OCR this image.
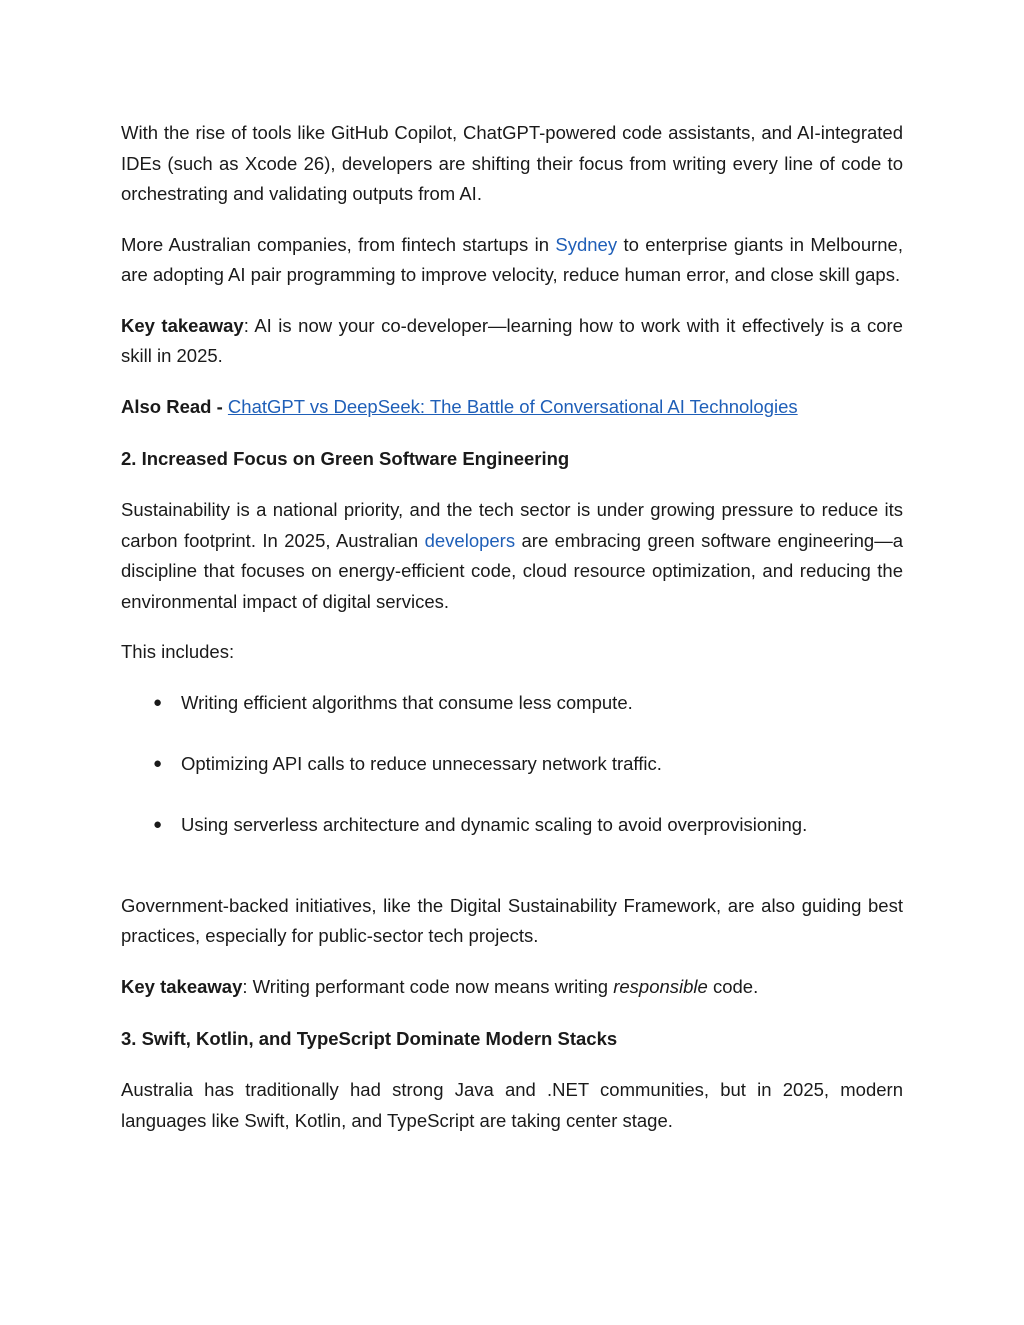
With the rise of tools like GitHub Copilot, ChatGPT-powered code assistants, and AI-integrated IDEs (such as Xcode 26), developers are shifting their focus from writing every line of code to orchestrating and validating outputs from AI.

More Australian companies, from fintech startups in Sydney to enterprise giants in Melbourne, are adopting AI pair programming to improve velocity, reduce human error, and close skill gaps.

Key takeaway: AI is now your co-developer—learning how to work with it effectively is a core skill in 2025.

Also Read - ChatGPT vs DeepSeek: The Battle of Conversational AI Technologies

2. Increased Focus on Green Software Engineering

Sustainability is a national priority, and the tech sector is under growing pressure to reduce its carbon footprint. In 2025, Australian developers are embracing green software engineering—a discipline that focuses on energy-efficient code, cloud resource optimization, and reducing the environmental impact of digital services.

This includes:

● Writing efficient algorithms that consume less compute.
● Optimizing API calls to reduce unnecessary network traffic.
● Using serverless architecture and dynamic scaling to avoid overprovisioning.

Government-backed initiatives, like the Digital Sustainability Framework, are also guiding best practices, especially for public-sector tech projects.

Key takeaway: Writing performant code now means writing responsible code.

3. Swift, Kotlin, and TypeScript Dominate Modern Stacks

Australia has traditionally had strong Java and .NET communities, but in 2025, modern languages like Swift, Kotlin, and TypeScript are taking center stage.
